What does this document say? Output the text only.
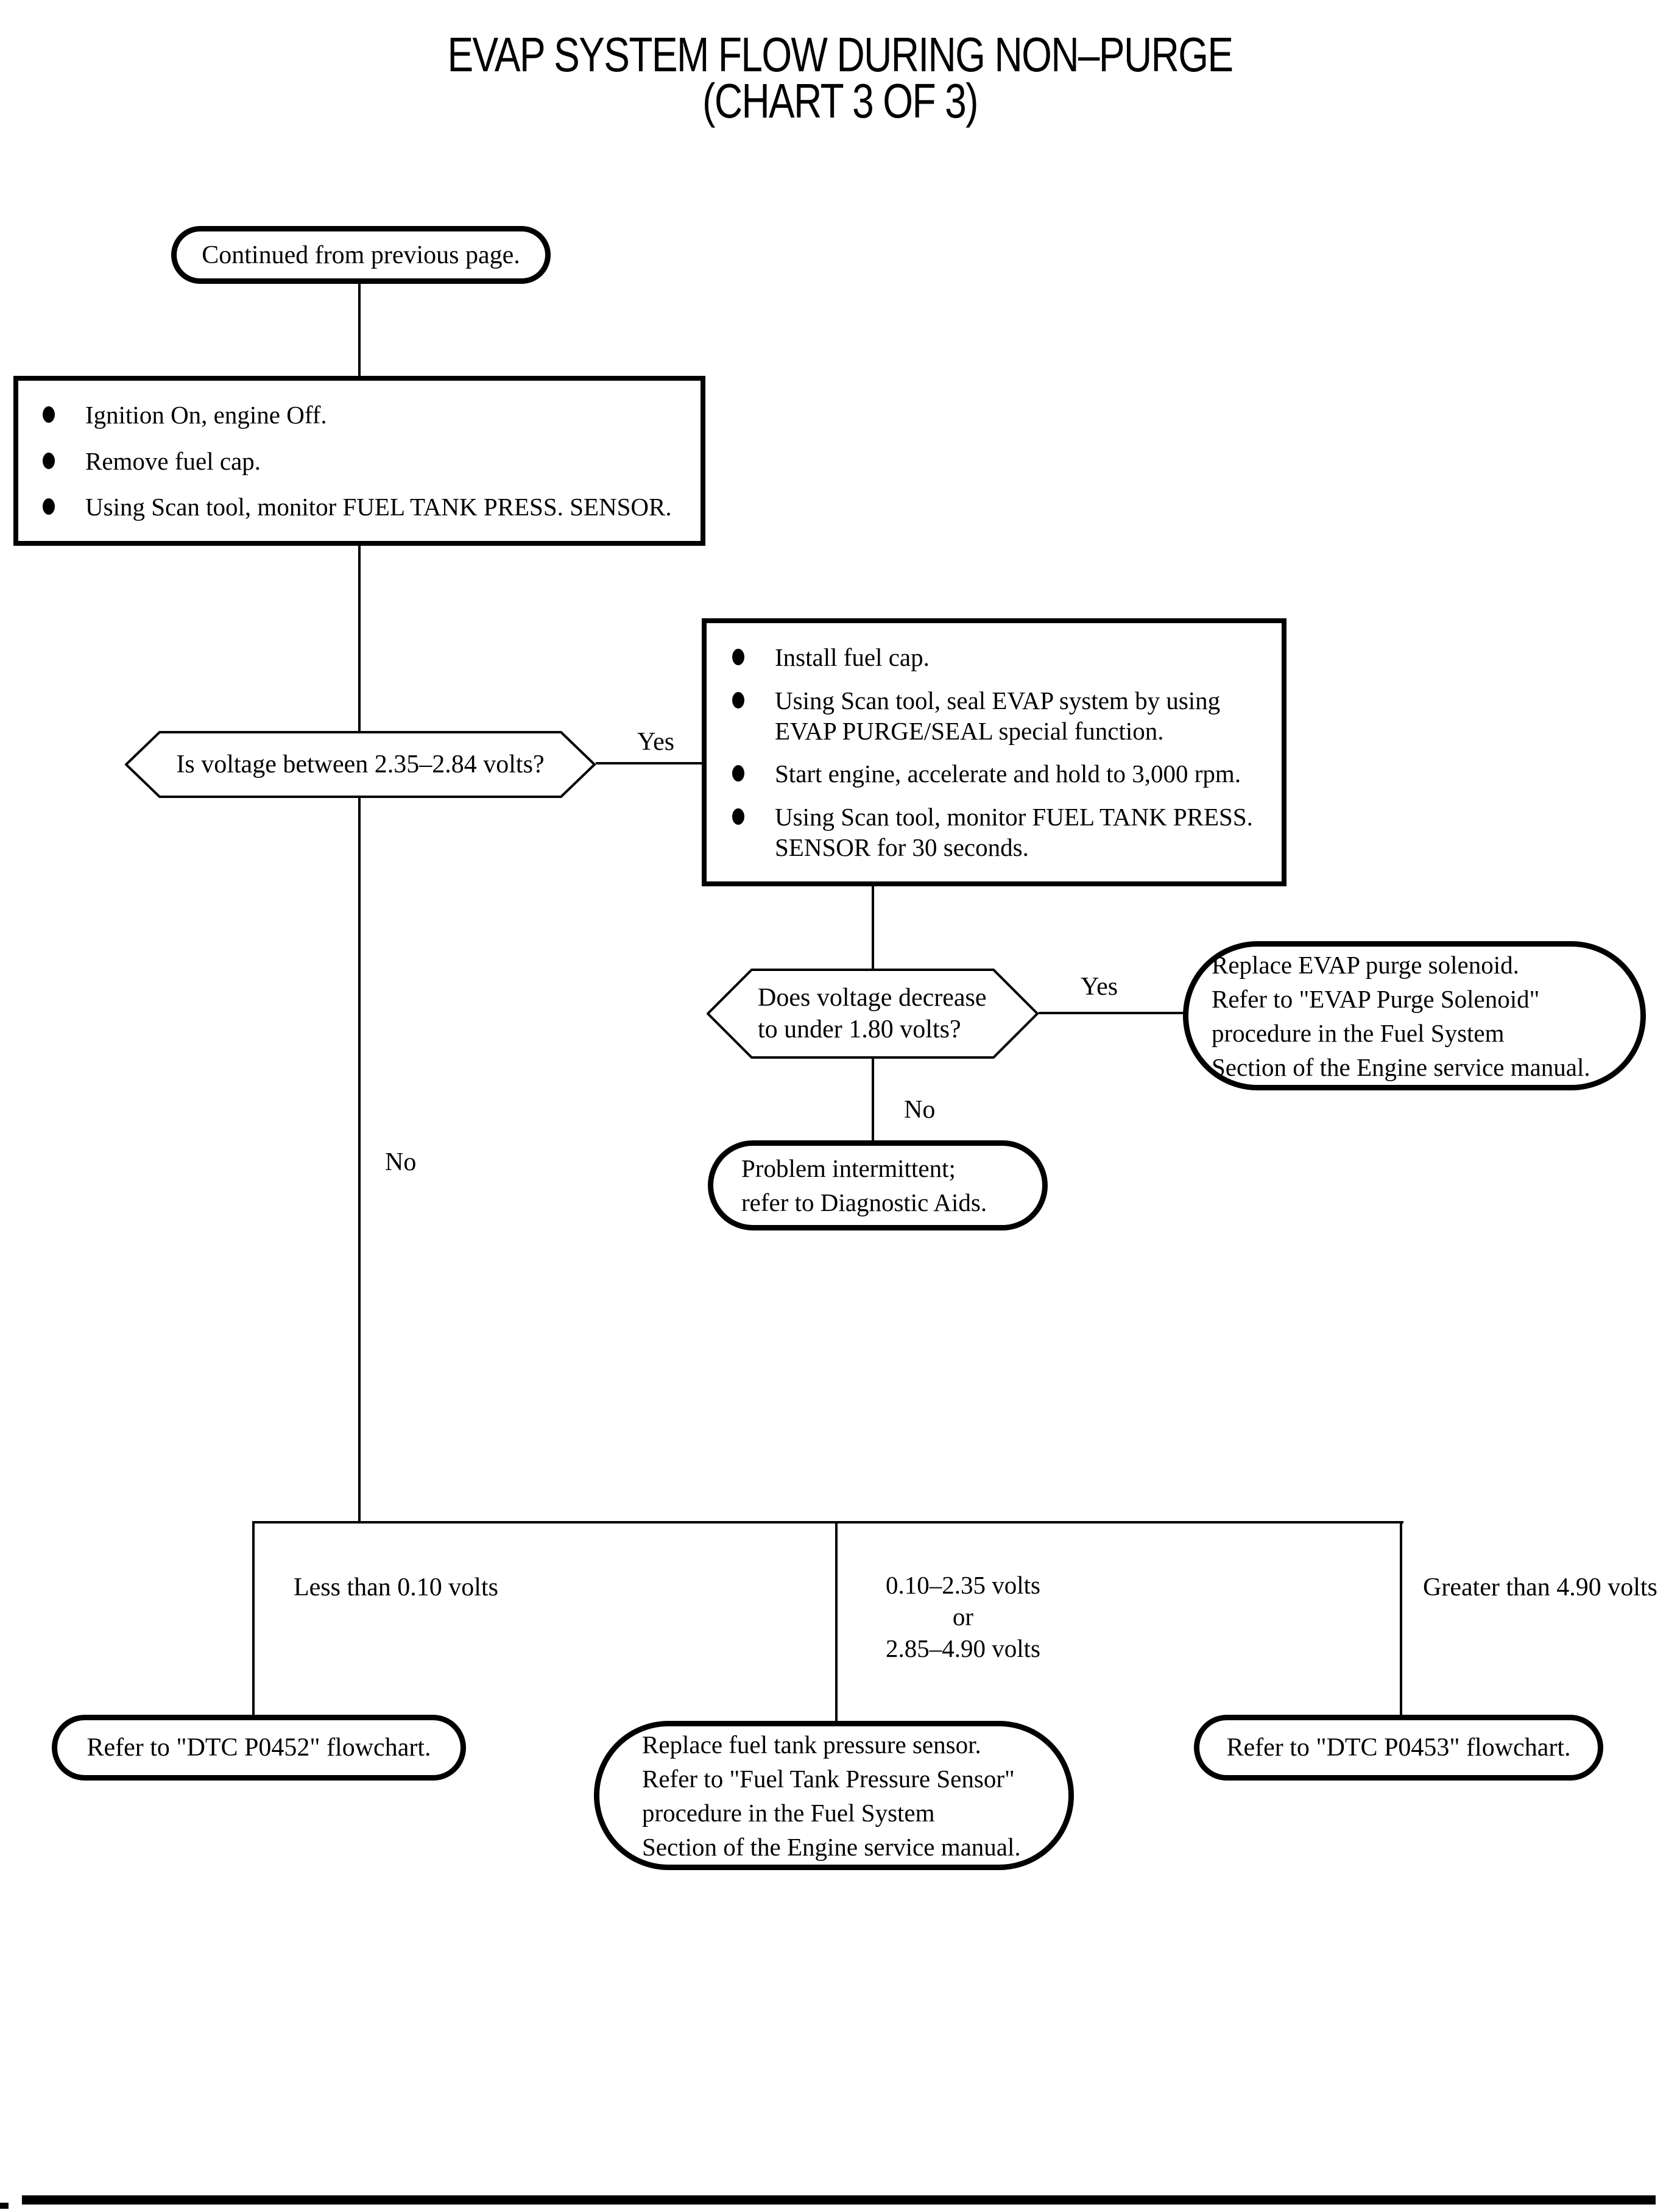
EVAP SYSTEM FLOW DURING NON–PURGE
(CHART 3 OF 3)
Continued from previous page.
Ignition On, engine Off.
Remove fuel cap.
Using Scan tool, monitor FUEL TANK PRESS. SENSOR.
Is voltage between 2.35–2.84 volts?
Yes
Install fuel cap.
Using Scan tool, seal EVAP system by using EVAP PURGE/SEAL special function.
Start engine, accelerate and hold to 3,000 rpm.
Using Scan tool, monitor FUEL TANK PRESS. SENSOR for 30 seconds.
Does voltage decrease
to under 1.80 volts?
Yes
No
No
Replace EVAP purge solenoid.
Refer to "EVAP Purge Solenoid"
procedure in the Fuel System
Section of the Engine service manual.
Problem intermittent;
refer to Diagnostic Aids.
Less than 0.10 volts	0.10–2.35 volts
or
2.85–4.90 volts
Greater than 4.90 volts
Refer to "DTC P0452" flowchart.	Replace fuel tank pressure sensor.
Refer to "Fuel Tank Pressure Sensor"
procedure in the Fuel System
Section of the Engine service manual.
Refer to "DTC P0453" flowchart.
